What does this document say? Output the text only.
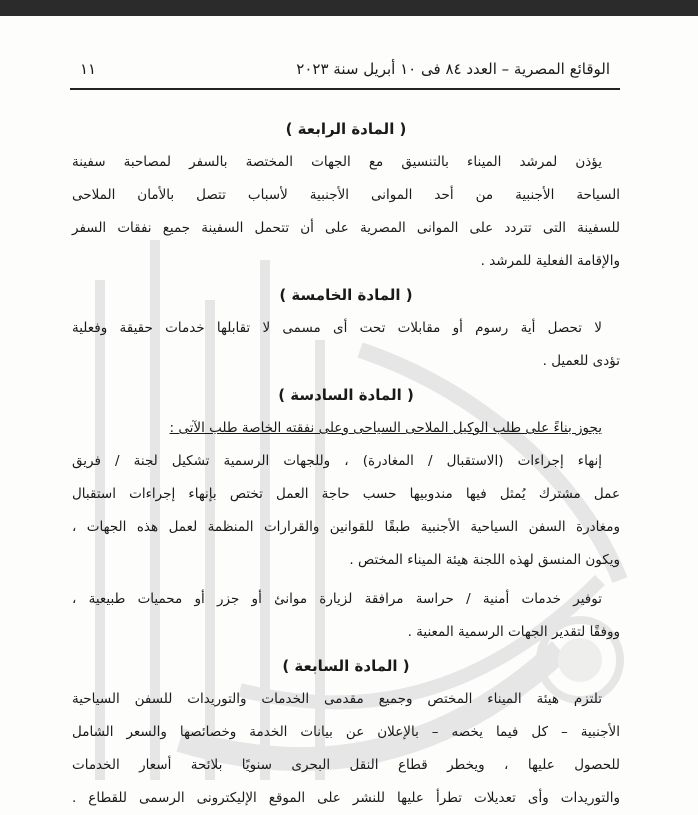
الوقائع المصرية – العدد ٨٤ فى ١٠ أبريل سنة ٢٠٢٣
١١
( المادة الرابعة )
يؤذن لمرشد الميناء بالتنسيق مع الجهات المختصة بالسفر لمصاحبة سفينة
السياحة الأجنبية من أحد الموانى الأجنبية لأسباب تتصل بالأمان الملاحى
للسفينة التى تتردد على الموانى المصرية على أن تتحمل السفينة جميع نفقات السفر
والإقامة الفعلية للمرشد .
( المادة الخامسة )
لا تحصل أية رسوم أو مقابلات تحت أى مسمى لا تقابلها خدمات حقيقة وفعلية
تؤدى للعميل .
( المادة السادسة )
يجوز بناءً على طلب الوكيل الملاحى السياحى وعلى نفقته الخاصة طلب الآتى :
إنهاء إجراءات (الاستقبال / المغادرة) ، وللجهات الرسمية تشكيل لجنة / فريق
عمل مشترك يُمثل فيها مندوبيها حسب حاجة العمل تختص بإنهاء إجراءات استقبال
ومغادرة السفن السياحية الأجنبية طبقًا للقوانين والقرارات المنظمة لعمل هذه الجهات ،
ويكون المنسق لهذه اللجنة هيئة الميناء المختص .
توفير خدمات أمنية / حراسة مرافقة لزيارة موانئ أو جزر أو محميات طبيعية ،
ووفقًا لتقدير الجهات الرسمية المعنية .
( المادة السابعة )
تلتزم هيئة الميناء المختص وجميع مقدمى الخدمات والتوريدات للسفن السياحية
الأجنبية – كل فيما يخصه – بالإعلان عن بيانات الخدمة وخصائصها والسعر الشامل
للحصول عليها ، ويخطر قطاع النقل البحرى سنويًا بلائحة أسعار الخدمات
والتوريدات وأى تعديلات تطرأ عليها للنشر على الموقع الإليكترونى الرسمى للقطاع .
